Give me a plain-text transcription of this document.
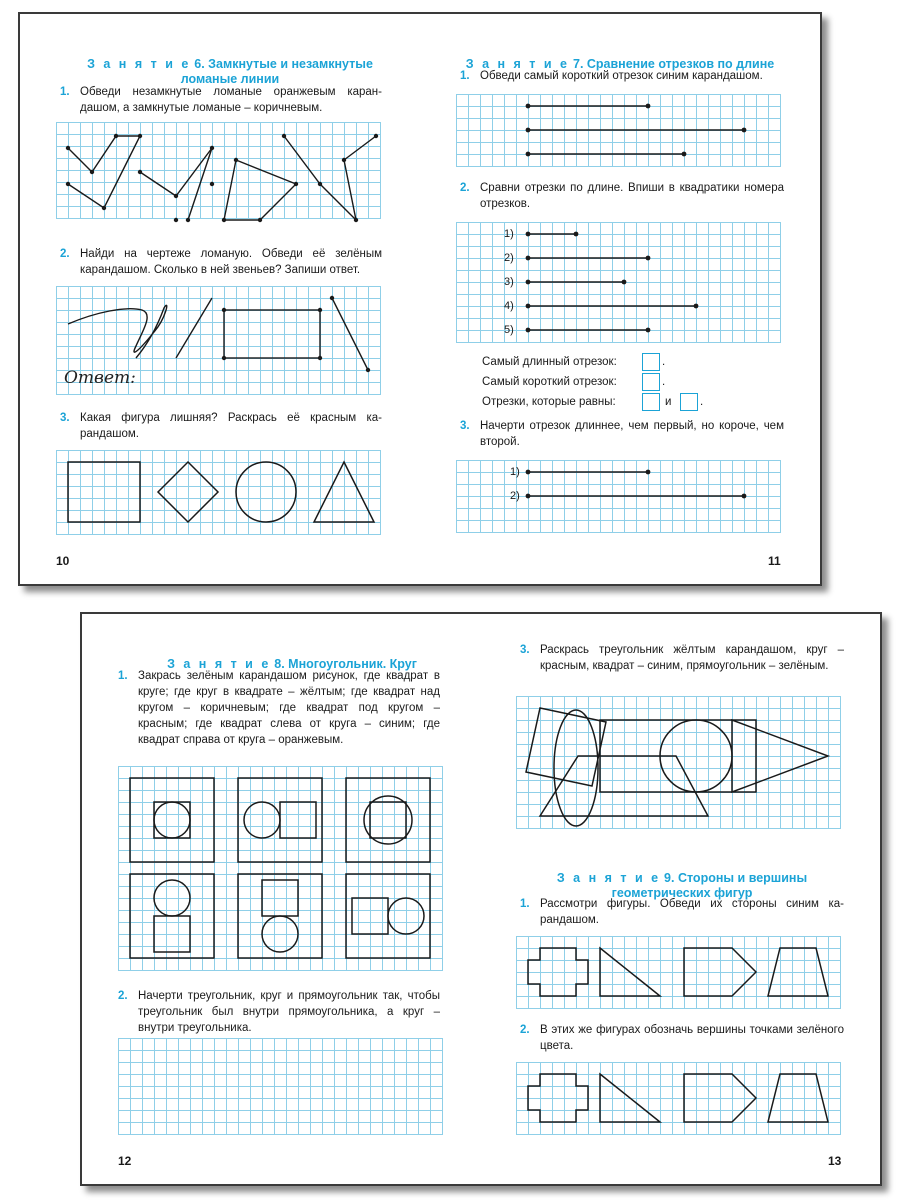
З а н я т и е 6. Замкнутые и незамкнутые
ломаные линии

1. Обведи незамкнутые ломаные оранжевым карандашом, а замкнутые ломаные – коричневым.
2. Найди на чертеже ломаную. Обведи её зелёным карандашом. Сколько в ней звеньев? Запиши ответ.
Ответ:
3. Какая фигура лишняя? Раскрась её красным карандашом.
10

З а н я т и е 7. Сравнение отрезков по длине

1. Обведи самый короткий отрезок синим карандашом.
2. Сравни отрезки по длине. Впиши в квадратики номера отрезков.
1)
2)
3)
4)
5)
Самый длинный отрезок:	.
Самый короткий отрезок:	.
Отрезки, которые равны:	и .
3. Начерти отрезок длиннее, чем первый, но короче, чем второй.
1)
2)
11

З а н я т и е 8. Многоугольник. Круг

1. Закрась зелёным карандашом рисунок, где квадрат в круге; где круг в квадрате – жёлтым; где квадрат над кругом – коричневым; где квадрат под кругом – красным; где квадрат слева от круга – синим; где квадрат справа от круга – оранжевым.
2. Начерти треугольник, круг и прямоугольник так, чтобы треугольник был внутри прямоугольника, а круг – внутри треугольника.
12
3. Раскрась треугольник жёлтым карандашом, круг – красным, квадрат – синим, прямоугольник – зелёным.

З а н я т и е 9. Стороны и вершины
геометрических фигур

1. Рассмотри фигуры. Обведи их стороны синим карандашом.
2. В этих же фигурах обозначь вершины точками зелёного цвета.
13
